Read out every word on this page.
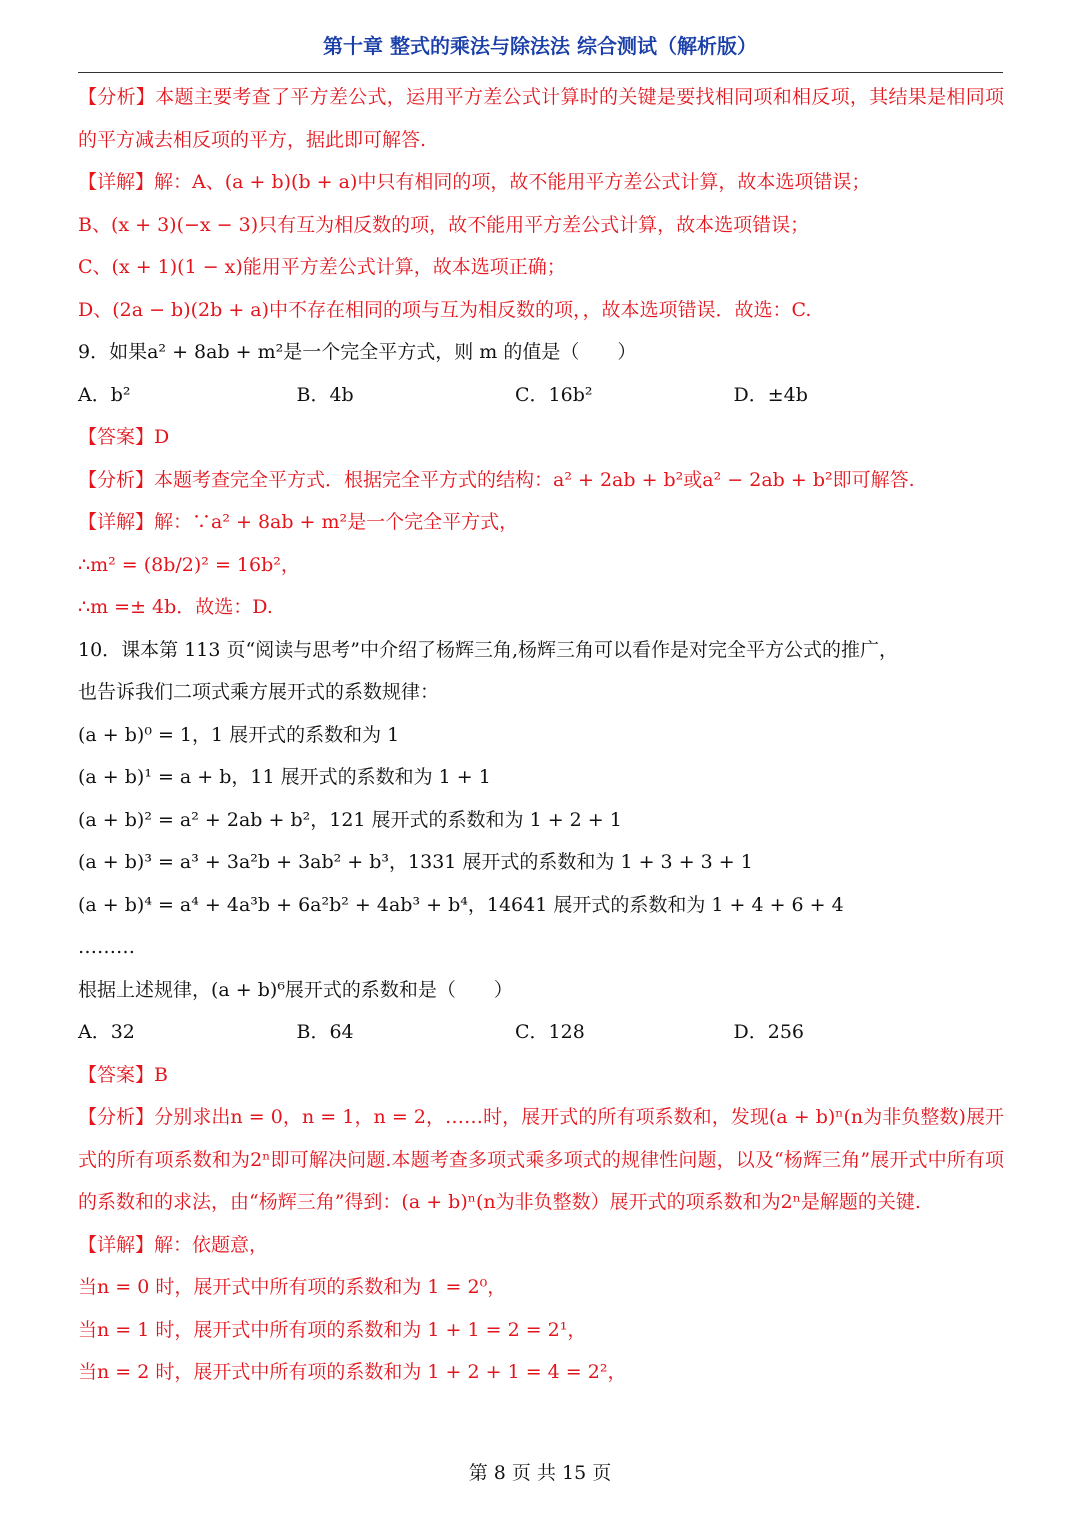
第十章 整式的乘法与除法法 综合测试（解析版）
【分析】本题主要考查了平方差公式，运用平方差公式计算时的关键是要找相同项和相反项，其结果是相同项的平方减去相反项的平方，据此即可解答.
【详解】解：A、(a + b)(b + a)中只有相同的项，故不能用平方差公式计算，故本选项错误；
B、(x + 3)(−x − 3)只有互为相反数的项，故不能用平方差公式计算，故本选项错误；
C、(x + 1)(1 − x)能用平方差公式计算，故本选项正确；
D、(2a − b)(2b + a)中不存在相同的项与互为相反数的项，，故本选项错误．故选：C.
9．如果a² + 8ab + m²是一个完全平方式，则 m 的值是（　　）
A．b²	B．4b	C．16b²	D．±4b
【答案】D
【分析】本题考查完全平方式．根据完全平方式的结构：a² + 2ab + b²或a² − 2ab + b²即可解答.
【详解】解：∵a² + 8ab + m²是一个完全平方式，
∴m² = (8b/2)² = 16b²，
∴m =± 4b．故选：D.
10．课本第 113 页“阅读与思考”中介绍了杨辉三角,杨辉三角可以看作是对完全平方公式的推广，
也告诉我们二项式乘方展开式的系数规律：
(a + b)⁰ = 1，1 展开式的系数和为 1
(a + b)¹ = a + b，11 展开式的系数和为 1 + 1
(a + b)² = a² + 2ab + b²，121 展开式的系数和为 1 + 2 + 1
(a + b)³ = a³ + 3a²b + 3ab² + b³，1331 展开式的系数和为 1 + 3 + 3 + 1
(a + b)⁴ = a⁴ + 4a³b + 6a²b² + 4ab³ + b⁴，14641 展开式的系数和为 1 + 4 + 6 + 4
………
根据上述规律，(a + b)⁶展开式的系数和是（　　）
A．32	B．64	C．128	D．256
【答案】B
【分析】分别求出n = 0，n = 1，n = 2，……时，展开式的所有项系数和，发现(a + b)ⁿ(n为非负整数)展开式的所有项系数和为2ⁿ即可解决问题.本题考查多项式乘多项式的规律性问题，以及“杨辉三角”展开式中所有项的系数和的求法，由“杨辉三角”得到：(a + b)ⁿ(n为非负整数）展开式的项系数和为2ⁿ是解题的关键.
【详解】解：依题意，
当n = 0 时，展开式中所有项的系数和为 1 = 2⁰，
当n = 1 时，展开式中所有项的系数和为 1 + 1 = 2 = 2¹，
当n = 2 时，展开式中所有项的系数和为 1 + 2 + 1 = 4 = 2²，
第 8 页 共 15 页
